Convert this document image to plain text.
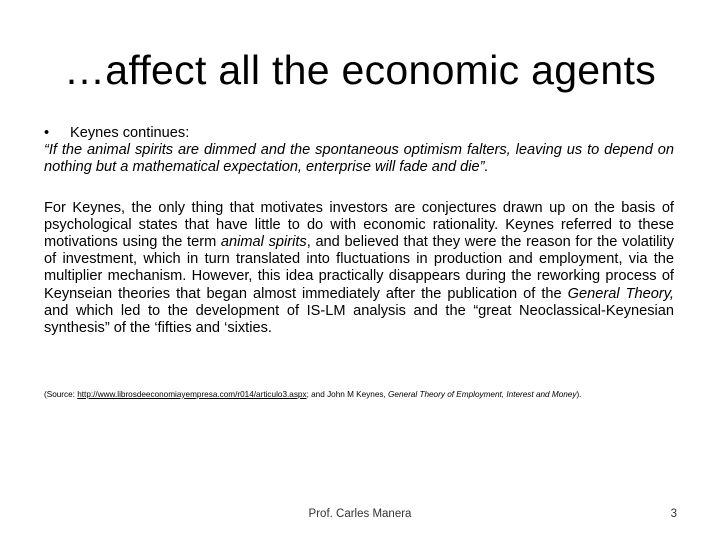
…affect all the economic agents
•	Keynes continues:
“If the animal spirits are dimmed and the spontaneous optimism falters, leaving us to depend on nothing but a mathematical expectation, enterprise will fade and die”.
For Keynes, the only thing that motivates investors are conjectures drawn up on the basis of psychological states that have little to do with economic rationality. Keynes referred to these motivations using the term animal spirits, and believed that they were the reason for the volatility of investment, which in turn translated into fluctuations in production and employment, via the multiplier mechanism. However, this idea practically disappears during the reworking process of Keynseian theories that began almost immediately after the publication of the General Theory, and which led to the development of IS-LM analysis and the “great Neoclassical-Keynesian synthesis” of the ‘fifties and ‘sixties.
(Source: http://www.librosdeeconomiayempresa.com/r014/articulo3.aspx; and John M Keynes, General Theory of Employment, Interest and Money).
Prof. Carles Manera	3
